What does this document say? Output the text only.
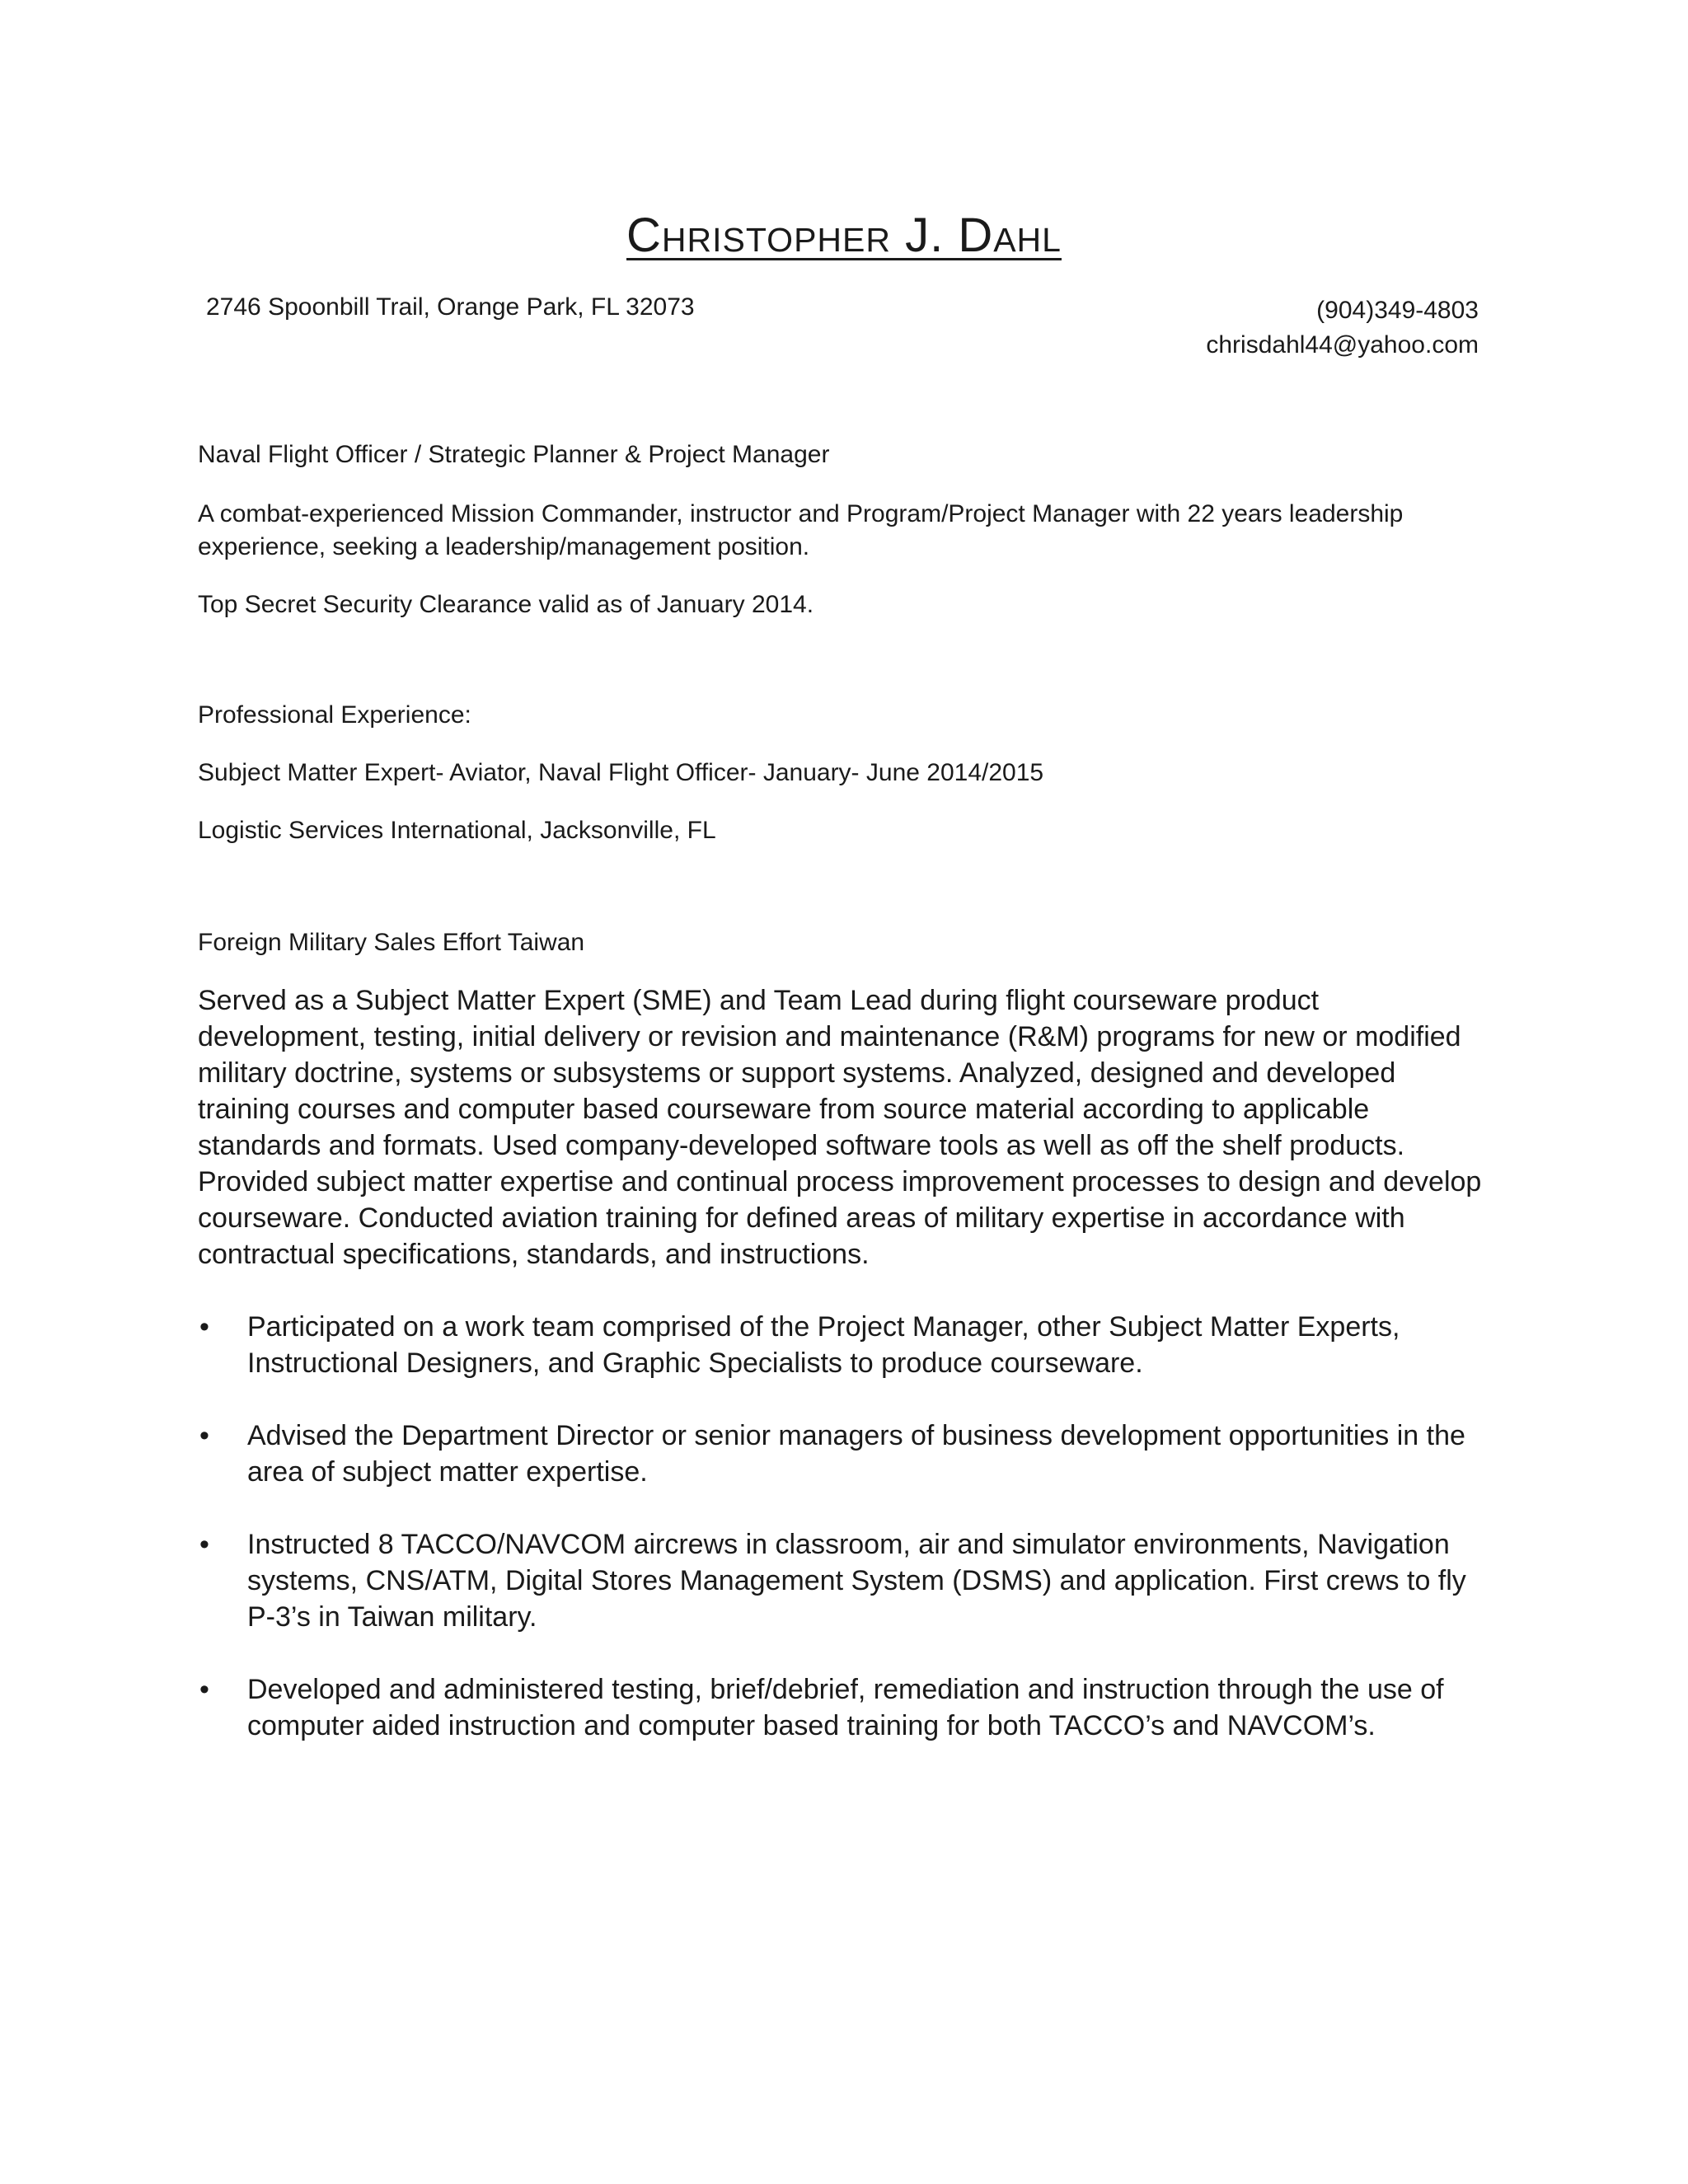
Christopher J. Dahl
2746 Spoonbill Trail, Orange Park, FL 32073	(904)349-4803
chrisdahl44@yahoo.com
Naval Flight Officer / Strategic Planner & Project Manager
A combat-experienced Mission Commander, instructor and Program/Project Manager with 22 years leadership experience, seeking a leadership/management position.
Top Secret Security Clearance valid as of January 2014.
Professional Experience:
Subject Matter Expert- Aviator, Naval Flight Officer- January- June 2014/2015
Logistic Services International, Jacksonville, FL
Foreign Military Sales Effort Taiwan
Served as a Subject Matter Expert (SME) and Team Lead during flight courseware product development, testing, initial delivery or revision and maintenance (R&M) programs for new or modified military doctrine, systems or subsystems or support systems. Analyzed, designed and developed training courses and computer based courseware from source material according to applicable standards and formats. Used company-developed software tools as well as off the shelf products. Provided subject matter expertise and continual process improvement processes to design and develop courseware. Conducted aviation training for defined areas of military expertise in accordance with contractual specifications, standards, and instructions.
• Participated on a work team comprised of the Project Manager, other Subject Matter Experts, Instructional Designers, and Graphic Specialists to produce courseware.
• Advised the Department Director or senior managers of business development opportunities in the area of subject matter expertise.
• Instructed 8 TACCO/NAVCOM aircrews in classroom, air and simulator environments, Navigation systems, CNS/ATM, Digital Stores Management System (DSMS) and application. First crews to fly P-3’s in Taiwan military.
• Developed and administered testing, brief/debrief, remediation and instruction through the use of computer aided instruction and computer based training for both TACCO’s and NAVCOM’s.
